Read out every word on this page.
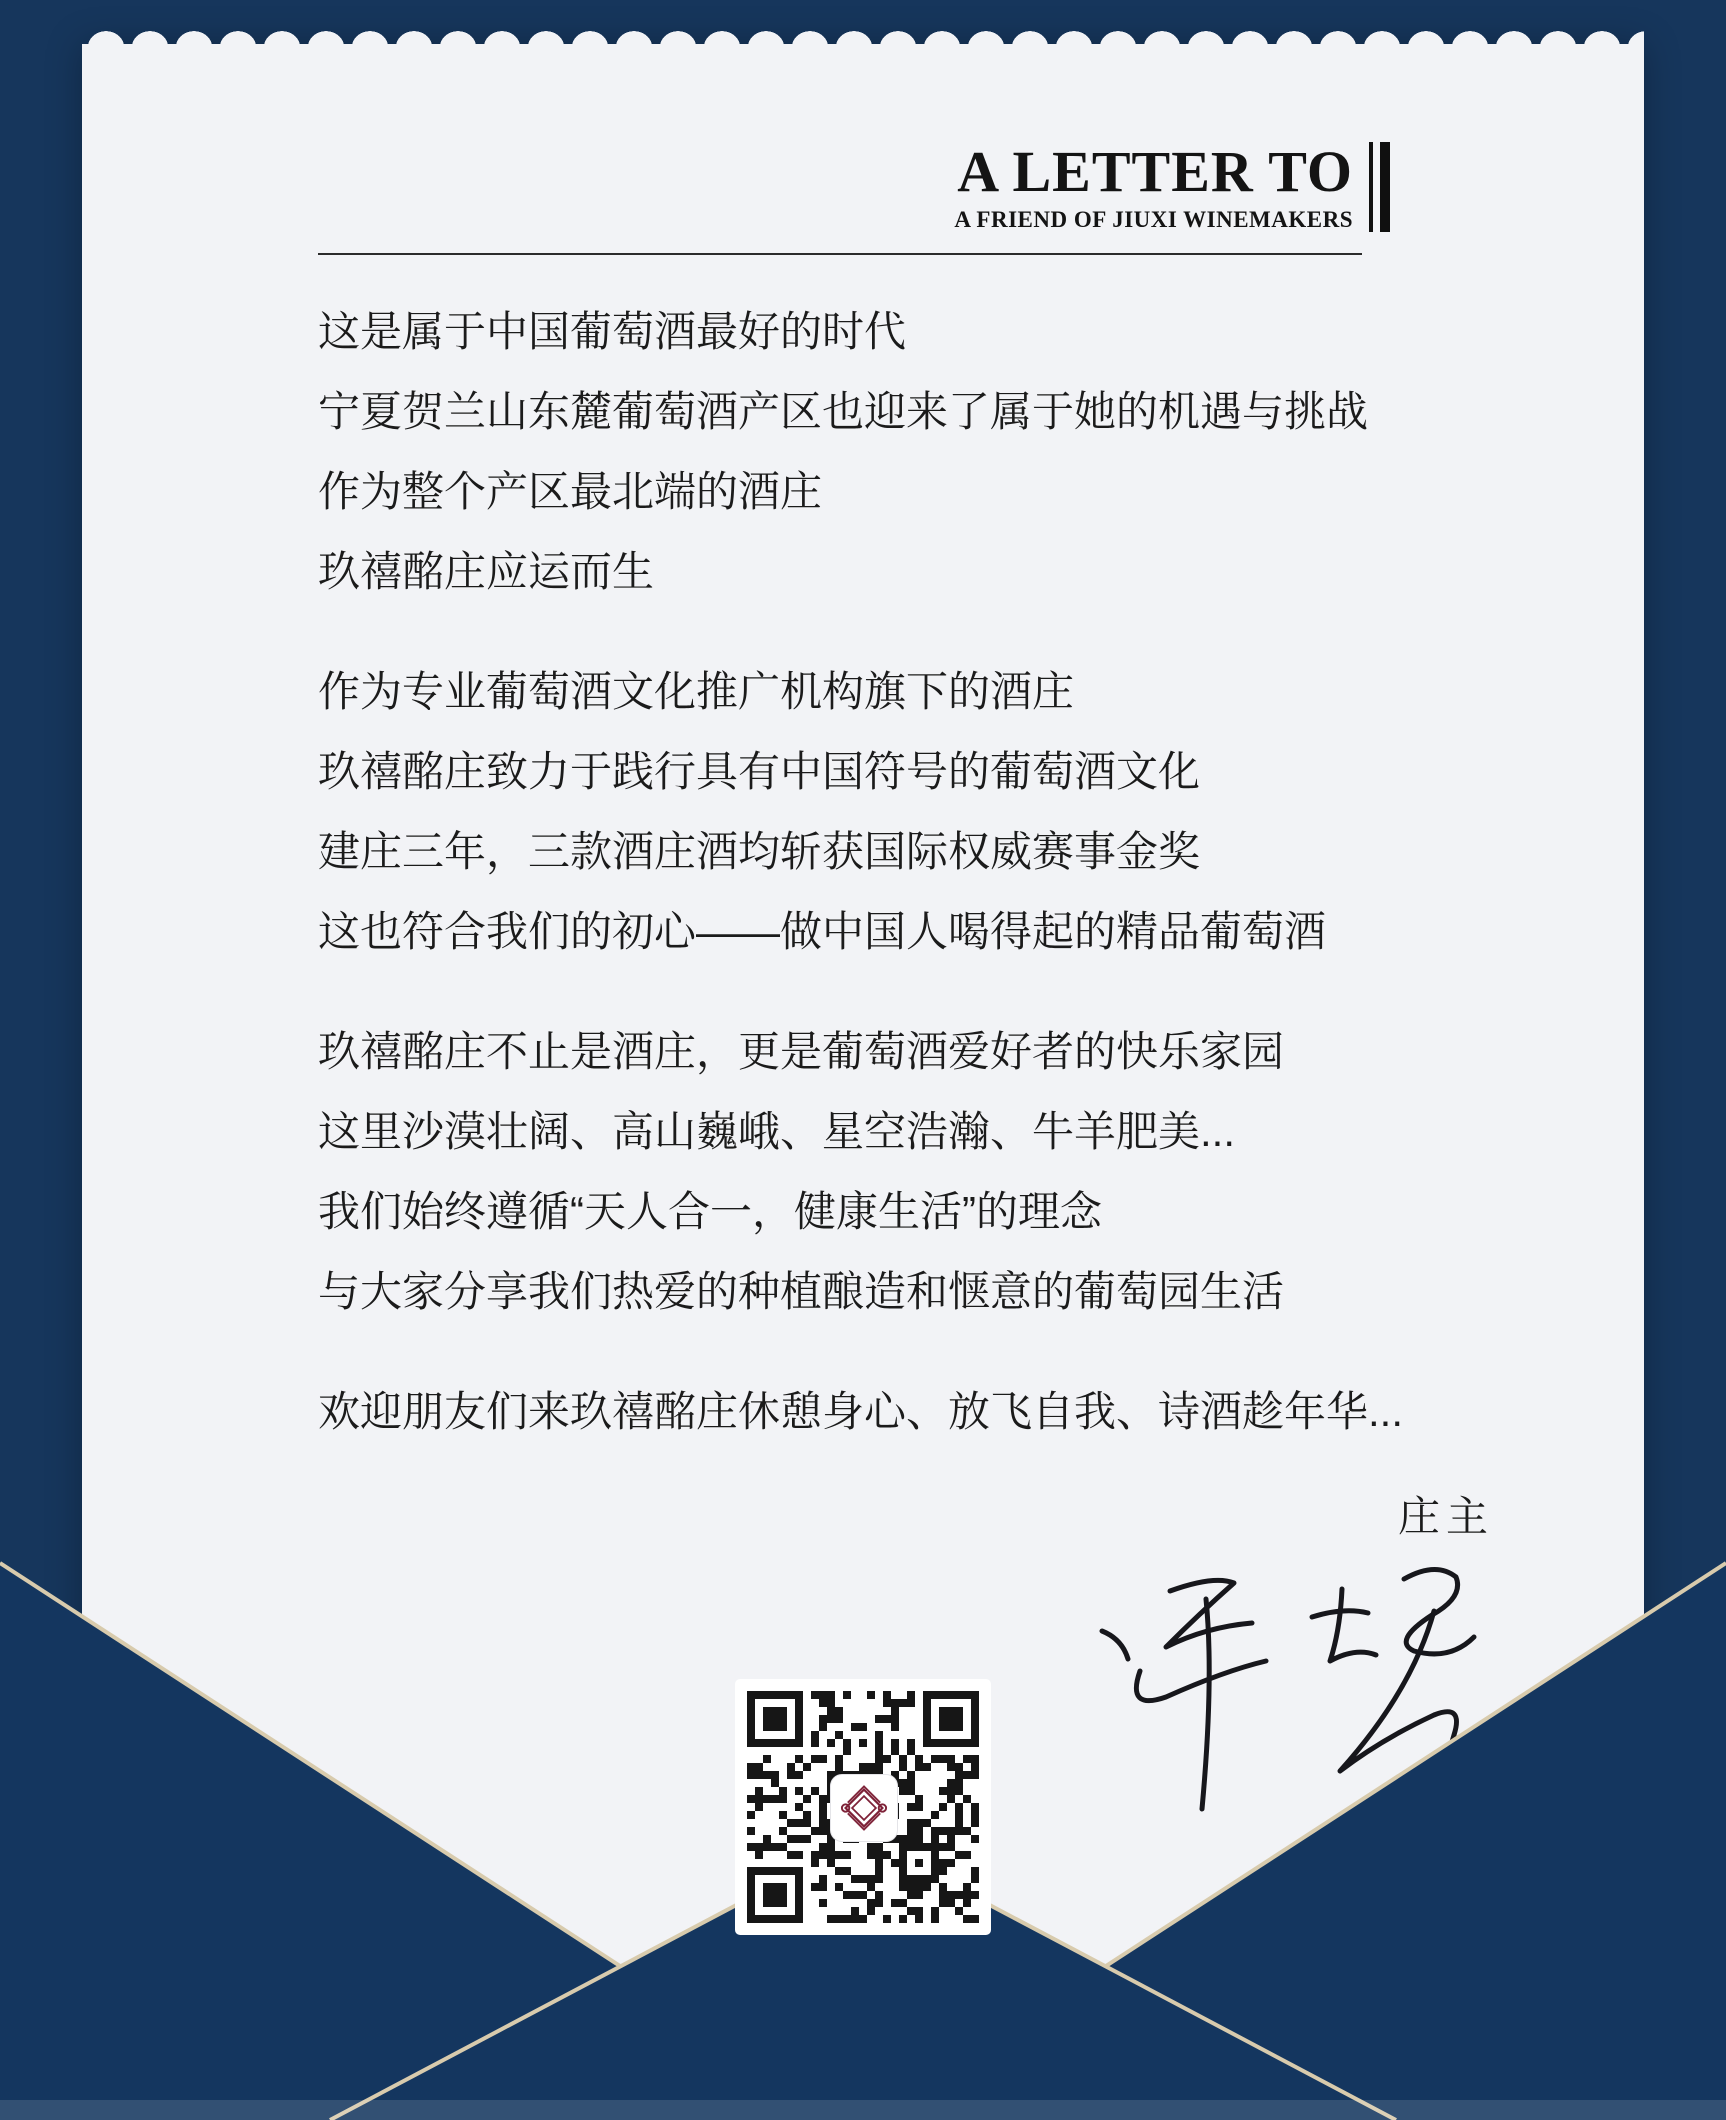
A LETTER TO
A FRIEND OF JIUXI WINEMAKERS

这是属于中国葡萄酒最好的时代
宁夏贺兰山东麓葡萄酒产区也迎来了属于她的机遇与挑战
作为整个产区最北端的酒庄
玖禧酩庄应运而生

作为专业葡萄酒文化推广机构旗下的酒庄
玖禧酩庄致力于践行具有中国符号的葡萄酒文化
建庄三年，三款酒庄酒均斩获国际权威赛事金奖
这也符合我们的初心——做中国人喝得起的精品葡萄酒

玖禧酩庄不止是酒庄，更是葡萄酒爱好者的快乐家园
这里沙漠壮阔、高山巍峨、星空浩瀚、牛羊肥美...
我们始终遵循“天人合一，健康生活”的理念
与大家分享我们热爱的种植酿造和惬意的葡萄园生活

欢迎朋友们来玖禧酩庄休憩身心、放飞自我、诗酒趁年华...

庄主
